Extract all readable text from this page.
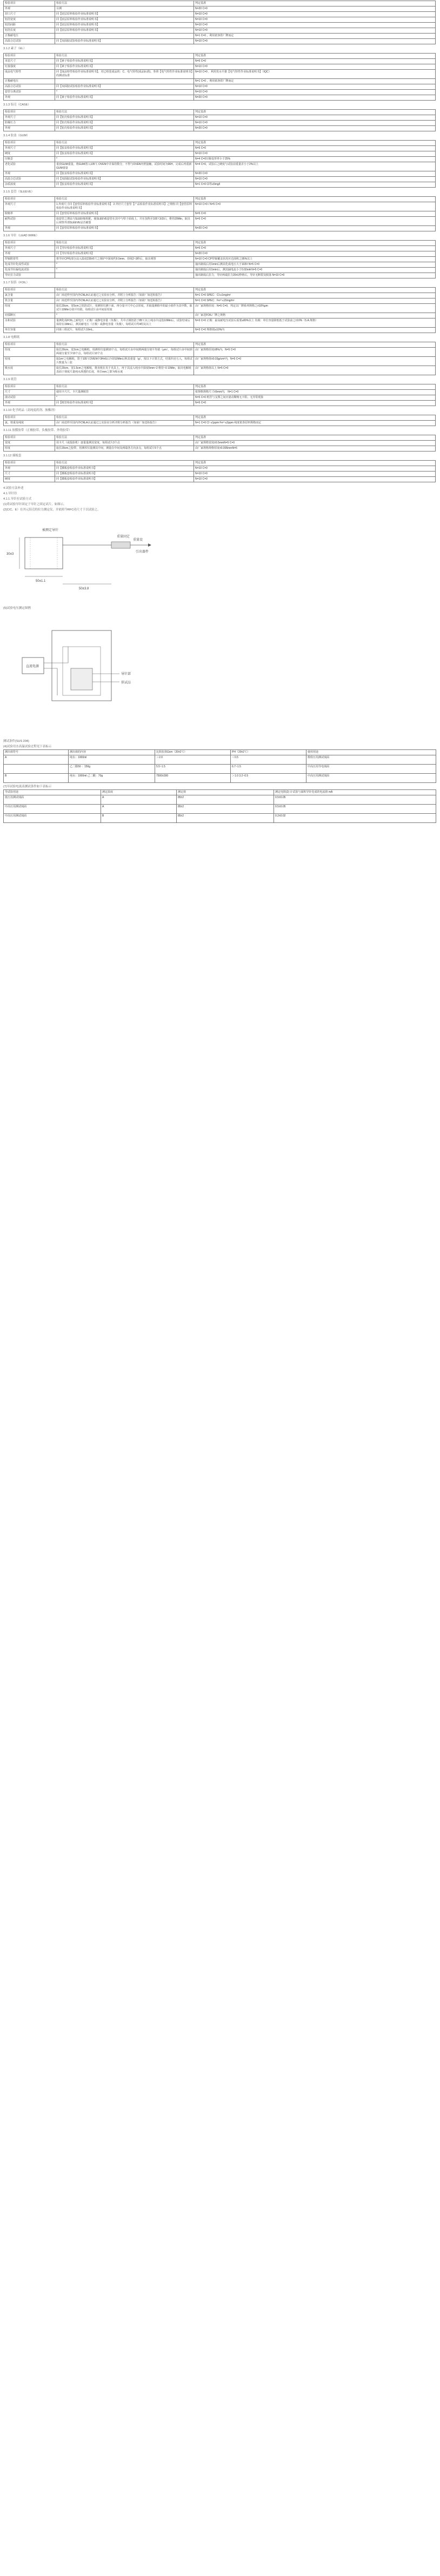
检验项目	检验方法	判定基准
外观	目测	N=20 C=0
封口尺寸	同【底层原料检验作业标准说明书】	N=10 C=0
铝箔宽度	同【底层原料检验作业标准说明书】	N=10 C=0
铝箔间距	同【底层原料检验作业标准说明书】	N=10 C=0
铝箔长度	同【底层原料检验作业标准说明书】	N=10 C=0
正极耐电压		N=1 C=0 ，利用依客供厂牌而定
高温合芯试验	同【双面胶试验检验作业标准说明书】	N=10 C=0
3.1.2 素子（EL）
检验项目	检验方法	判定基准
未装尺寸	同【素子检验作业标准说明书】	N=5 C=0
钉接强度	同【素子检验作业标准说明书】	N=10 C=0
成品电气特性	同【成品特性检验作业标准说明书】，对已组装成品的：C、电气特性(成品标准)，参照【电气特性作业标准说明书】的测试标准	N=10 C=0 ，利用发水平据【电气特性作业标准说明书】（IQC）
正极耐电压		N=1 C=0 ，利用依客供厂牌而定
高温合芯试验	同【双面胶试验检验作业标准说明书】	N=10 C=0
套管分离试验	*	N=10 C=0
外观	同【素子检验作业标准说明书】	N=20 C=0
3.1.3 铝壳（CASE）
检验项目	检验方法	判定基准
外观尺寸	同【铝壳检验作业标准说明书】	N=10 C=0
防爆压力	同【铝壳检验作业标准说明书】	N=10 C=0
外观	同【铝壳检验作业标准说明书】	N=20 C=0
3.1.4 胶盖（GUM）
检验项目	检验方法	判定基准
外观尺寸	同【胶盖检验作业标准说明书】	N=5 C=0
硬度	同【胶盖检验作业标准说明书】	N=10 C=0
压缩歪	*	N=4 C=0压缩变形率小于25%
老化试验	重放GUM重量，将GUM置入105℃ OVEN中并保持数分，不得与OVEN内壁接触，试验时间为96H，完成后再重新GUM重量	N=4 C=0，试验后之硬度与试验前重量差小于2%以上
外观	同【胶盖检验作业标准说明书】	N=20 C=0
高温合芯试验	同【双面胶试验检验作业标准说明书】	N=10 C=0
杂质浓度	同【胶盖检验作业标准说明书】	N=1 C=0 Cl等≤5mg/l
3.1.5 套管（SLEEVE）
检验项目	检验方法	判定基准
外观尺寸	1.外观尺寸同【套管原料检验作业标准说明书】 2.外径尺寸套管【产品检验作业标准说明书】之规格 同【套管原料检验作业标准说明书】	N=10 C=0 / N=5 C=0
收缩率	同【套管原料检验作业标准说明书】	N=5 C=0
耐热试验	取套管之薄品与SLEEVE组配，使SLEEVE套管在其中与壁子面成上，并在加热至105℃ED后，维持20Min，取出后观察外部SLEEVE是否破裂	N=5 C=0
外观	同【套管原料检验作业标准说明书】	N=20 C=0
3.1.6 导针（LEAD WIRE）
检验项目	检验方法	判定基准
外观尺寸	同【导针检验作业标准说明书】	N=5 C=0
外观	同【导针检验作业标准说明书】	N=20 C=0
焊锡附着性	将导针CP线部分浸入温度235±5℃之锡炉中深度约0.5mm，持续2~3秒后，取出观察	N=10 C=0 CP焊锡覆盖状况应达面积之95%以上
化成导针化成性试验	*	抽出制成后用1min后测其化成电压大于103V N=5 C=0
化成导针漏电流试验	*	抽出制成后用1min后，测其漏电流小于0.02mA N=5 C=0
导针拉力试验		抽出制成后拉力，导针两端拉力20±1秒钟后，导针无断裂及脱落 N=10 C=0
3.1.7 铝箔（FOIL）
检验项目	检验方法	判定基准
氯含量	由厂商送样至国内外CNLA认证通过之实验室分析，并附上分析报告（如第厂如送检报告）	N=1 C=0 SPEC：Cl-≤1mg/m²
铁含量	由厂商送样至国内外CNLA认证通过之实验室分析，并附上分析报告（如第厂如送检报告）	N=1 C=0 SPEC：Fe³⁺≤15mg/m²
厚度	取长20cm、宽5cm之铝箔试片，用测厚仪测十面，再分量卡尺中心点厚度，并取量测值中的最小值作为其中数，取试片10Min分别平均值，每组试片由中间原厚度	由厂家规格厚度：N=5 C=0，判定以厂牌系列规格之±10%μm
切弧断压	*	由厂家送FOIL厂牌之规格
水和试验	量测化成FOIL之耐电压（正极）或静电容量（负极），共中正极铝箔于85℃以上纯水中浸泡10Min后，试验结束后保持在1Min后，测其耐电压（正极）或静电容量（负极），每组试片约4组及以上	N=3 C=0 正极：最高耐电压试验后需要≥80%以上 负极：单位容量降低低于试验前之±10%（5.A.规格）
单位容量	同第三组试片，每组试片10mL。	N=3 C=0 规格值≥10%内
3.1.8 电解纸
检验项目	检验方法	判定基准
厚度	取长20cm、宽2cm之电解纸，用测厚仪量测10个点，每组试片由中间到两端分别平均值（μm），每组试片由中间到两端分量至少10个点，每组试片10个点	由厂家规格厚度±8%内，N=5 C=0
密度	取1m²之电解纸，置于105℃OVEN中3H±6后冷却10Min后称其重量（g），按以下计算方式，结果四舍五入，每组试片数量为三张	由厂家规格值±0.03g/cm³内，N=5 C=0
吸水度	取长20cm、宽1.5cm之电解纸，将直纸在夹于夹具上，再于其浸入纯水中深度5mm~2 维持~0 10Min，取出电解纸表面于刻度尺量纯水渗透的长度，单位mm之即为吸水度	由厂家规格值以上 N=5 C=0
3.1.9 纸管
检验项目	检验方法	判定基准
尺寸	使用卡尺尺、卡尺量测纸管	依规格规格尺寸±5mm内， N=1 C=0
滚动试验	*	N=5 C=0 纸管与支撑之间应滚动顺畅无卡阻、无异常现象
外观	同【纸管检验作业标准说明书】	N=5 C=0
3.1.10 化学药品（高纯度药剂、胺酯剂）
检验项目	检验方法	判定基准
氯、铁重及纯度	由厂商送样至国内外CNLA认证通过之实验室分析并附分析报告（如第厂如送检报告）	N=1 C=0 Cl⁻≤1ppm Fe³⁺≤2ppm 纯度依各原料规格而定
3.1.11 胶膜胶带（正极胶带、负极胶带、外绕胶带）
检验项目	检验方法	判定基准
宽度	用卡尺（或投影机）逐量量测其宽度，每组试片3个点	由厂家规格宽度±0.5mmN=5 C=0
厚度	取长20cm之胶带，用测厚仪量测其中间，测量在中间及两端各方向多点，每组试片5个点	由厂家规格规格厚度±0.005mmN=5
3.1.12 插板套
检验项目	检验方法	判定基准
外观	同【插板套检验作业标准说明书】	N=10 C=0
尺寸	同【插板套检验作业标准说明书】	N=10 C=0
硬度	同【插板套检验作业标准说明书】	N=10 C=0
4.试验方法补述
4.1.导针拉
4.1.1.导针拉试验方式
(1)将试验导针固定于导针之固定试片，如图示。
(2)C/C、E）在其元铝壳的拉力测定仪，并依照今RFC功尺寸于以试验之。
被测定导针
重量固定
重量设
引出器件
30±3
50±1.1
50±3.8
(5)试验电压测定图例
直流电源
导针部
供试品
测试条件(SUS 204)
(4)试验用水高温试验过程见下表标示
测出值符号	测出值的内容	比阻抗值Ωcm（20±2℃）	PH（20±2℃）	使用用途
A	纯水：1000ml	＞2.0	＜0.5	数组压用测试绒面
	乙二醇50 ：150g	5.5~1.5	6.7~1.5	中高压用导电绒面
B	纯水：1000ml 己二酸：70g	7500±300	＞1.0 3.2~0.5	中高压用测试绒面
(7)导试验电流表测试条件如下表标示
导试验用途	测定温度	测定值	测定电阻(2) 计试验与面积导针化成的电流值 mA
低压用测试绒面	A	85±2	0.5±0.05
中高压用测试绒面	A	85±2	0.5±0.05
中高压用测试绒面	B	85±2	0.2±0.02
